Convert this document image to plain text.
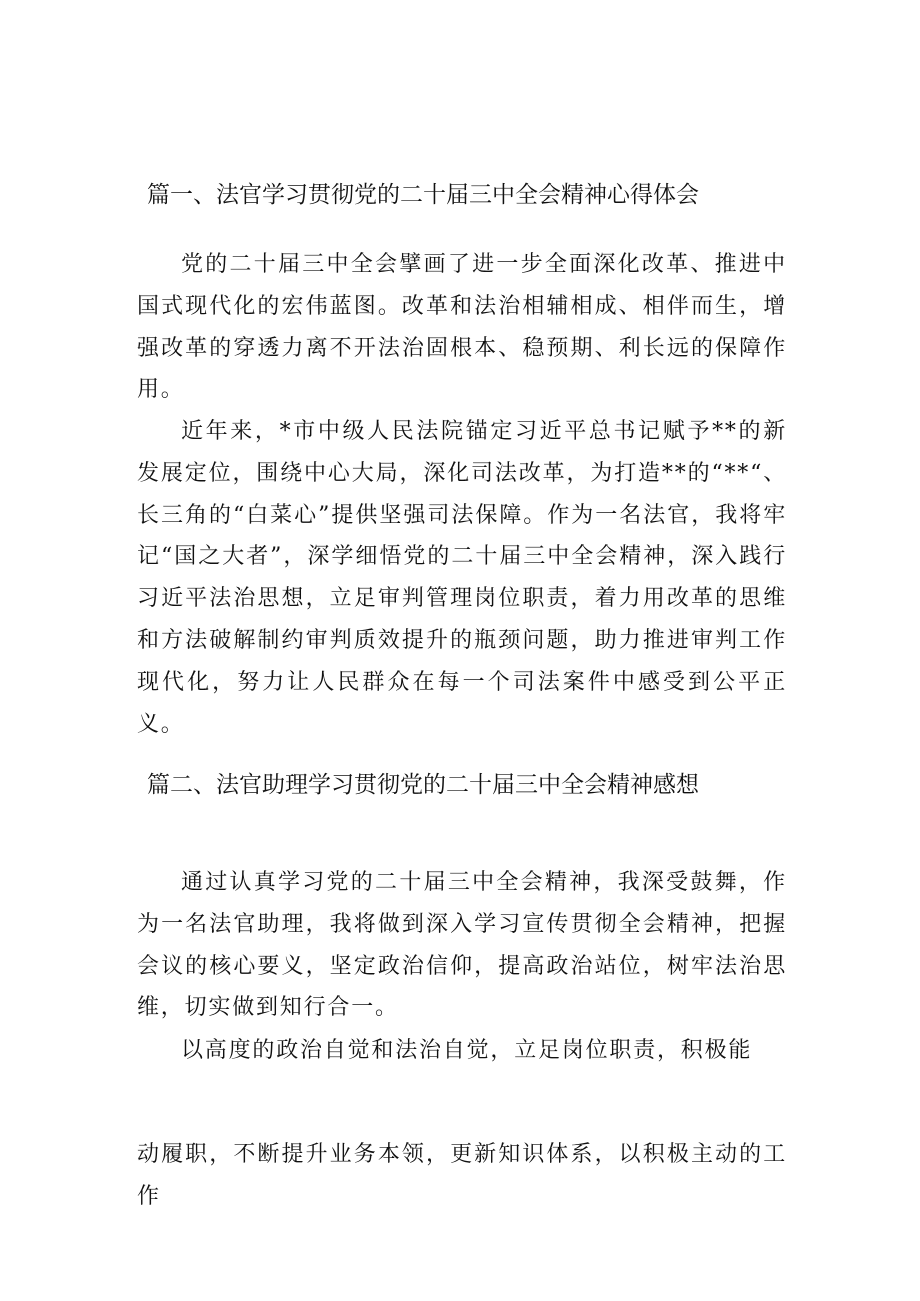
篇一、法官学习贯彻党的二十届三中全会精神心得体会

党的二十届三中全会擘画了进一步全面深化改革、推进中国式现代化的宏伟蓝图。改革和法治相辅相成、相伴而生，增强改革的穿透力离不开法治固根本、稳预期、利长远的保障作用。

近年来，*市中级人民法院锚定习近平总书记赋予**的新发展定位，围绕中心大局，深化司法改革，为打造**的“**“、长三角的“白菜心”提供坚强司法保障。作为一名法官，我将牢记“国之大者”，深学细悟党的二十届三中全会精神，深入践行习近平法治思想，立足审判管理岗位职责，着力用改革的思维和方法破解制约审判质效提升的瓶颈问题，助力推进审判工作现代化，努力让人民群众在每一个司法案件中感受到公平正义。

篇二、法官助理学习贯彻党的二十届三中全会精神感想

通过认真学习党的二十届三中全会精神，我深受鼓舞，作为一名法官助理，我将做到深入学习宣传贯彻全会精神，把握会议的核心要义，坚定政治信仰，提高政治站位，树牢法治思维，切实做到知行合一。

以高度的政治自觉和法治自觉，立足岗位职责，积极能

动履职，不断提升业务本领，更新知识体系，以积极主动的工作
